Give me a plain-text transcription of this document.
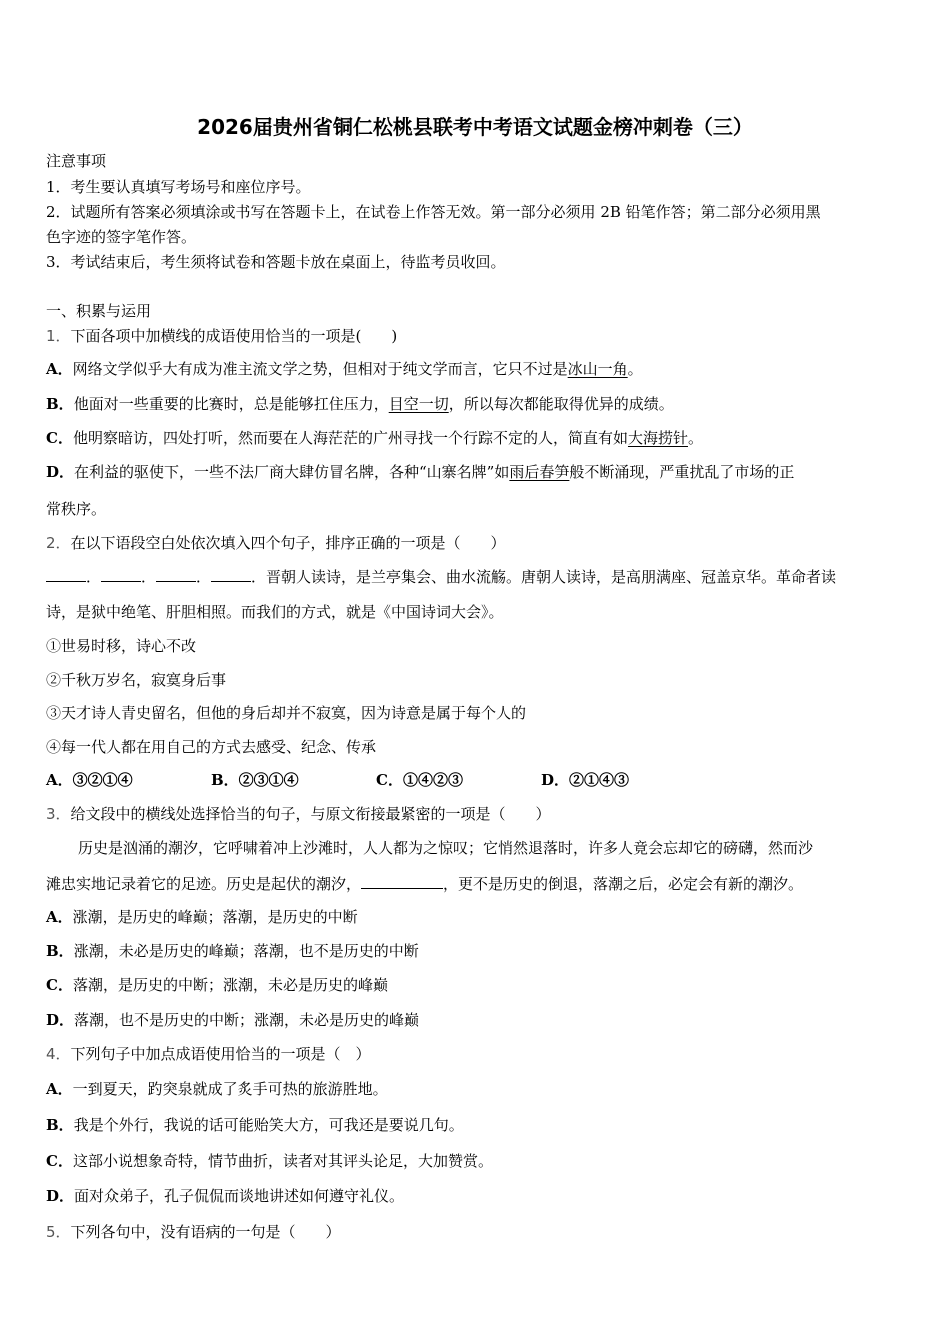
2026届贵州省铜仁松桃县联考中考语文试题金榜冲刺卷（三）
注意事项
1．考生要认真填写考场号和座位序号。
2．试题所有答案必须填涂或书写在答题卡上，在试卷上作答无效。第一部分必须用 2B 铅笔作答；第二部分必须用黑
色字迹的签字笔作答。
3．考试结束后，考生须将试卷和答题卡放在桌面上，待监考员收回。
一、积累与运用
1．下面各项中加横线的成语使用恰当的一项是(　　)
A．网络文学似乎大有成为准主流文学之势，但相对于纯文学而言，它只不过是冰山一角。
B．他面对一些重要的比赛时，总是能够扛住压力，目空一切，所以每次都能取得优异的成绩。
C．他明察暗访，四处打听，然而要在人海茫茫的广州寻找一个行踪不定的人，简直有如大海捞针。
D．在利益的驱使下，一些不法厂商大肆仿冒名牌，各种“山寨名牌”如雨后春笋般不断涌现，严重扰乱了市场的正
常秩序。
2．在以下语段空白处依次填入四个句子，排序正确的一项是（　　）
．	．	．	．晋朝人读诗，是兰亭集会、曲水流觞。唐朝人读诗，是高朋满座、冠盖京华。革命者读
诗，是狱中绝笔、肝胆相照。而我们的方式，就是《中国诗词大会》。
①世易时移，诗心不改
②千秋万岁名，寂寞身后事
③天才诗人青史留名，但他的身后却并不寂寞，因为诗意是属于每个人的
④每一代人都在用自己的方式去感受、纪念、传承
A．③②①④	B．②③①④	C．①④②③	D．②①④③
3．给文段中的横线处选择恰当的句子，与原文衔接最紧密的一项是（　　）
历史是汹涌的潮汐，它呼啸着冲上沙滩时，人人都为之惊叹；它悄然退落时，许多人竟会忘却它的磅礴，然而沙
滩忠实地记录着它的足迹。历史是起伏的潮汐，	，更不是历史的倒退，落潮之后，必定会有新的潮汐。
A．涨潮，是历史的峰巅；落潮，是历史的中断
B．涨潮，未必是历史的峰巅；落潮，也不是历史的中断
C．落潮，是历史的中断；涨潮，未必是历史的峰巅
D．落潮，也不是历史的中断；涨潮，未必是历史的峰巅
4．下列句子中加点成语使用恰当的一项是（　）
A．一到夏天，趵突泉就成了炙手可热的旅游胜地。
B．我是个外行，我说的话可能贻笑大方，可我还是要说几句。
C．这部小说想象奇特，情节曲折，读者对其评头论足，大加赞赏。
D．面对众弟子，孔子侃侃而谈地讲述如何遵守礼仪。
5．下列各句中，没有语病的一句是（　　）
